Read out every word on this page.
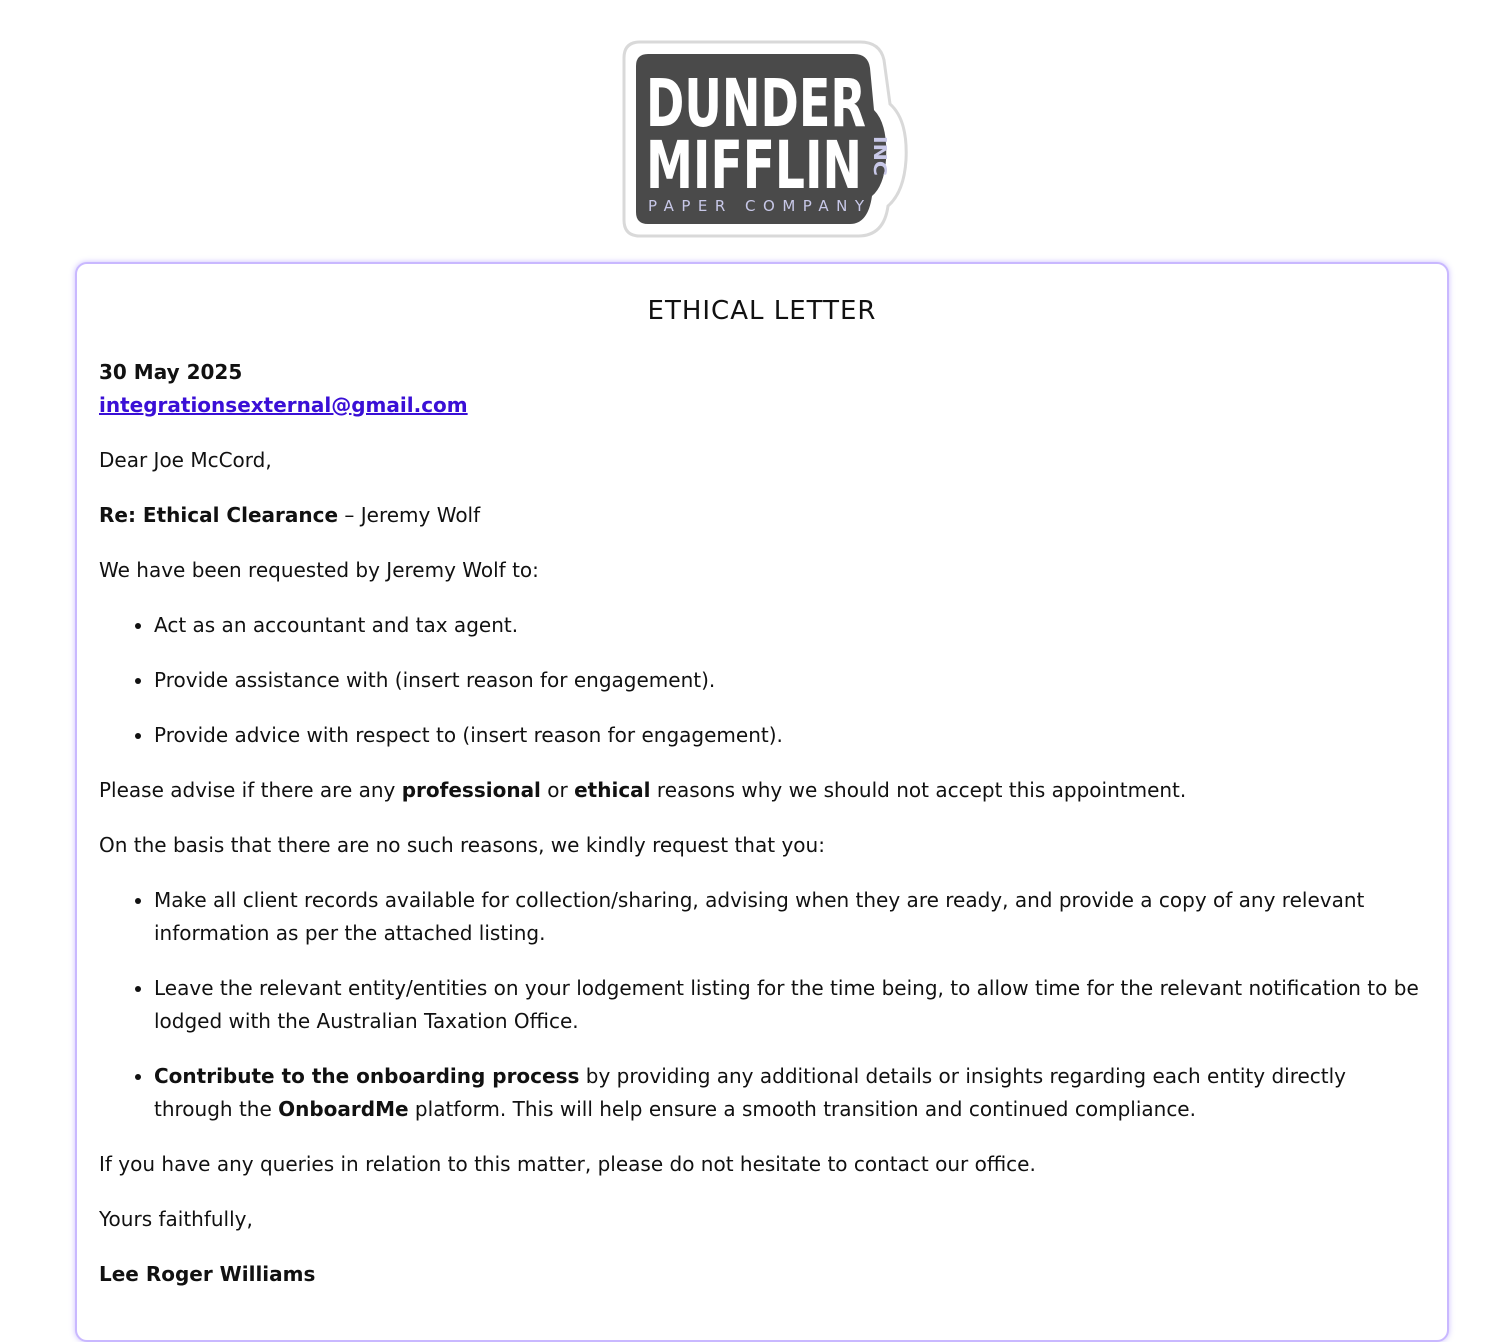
DUNDER
MIFFLIN INC
PAPER COMPANY
ETHICAL LETTER
30 May 2025
integrationsexternal@gmail.com
Dear Joe McCord,
Re: Ethical Clearance – Jeremy Wolf
We have been requested by Jeremy Wolf to:
• Act as an accountant and tax agent.
• Provide assistance with (insert reason for engagement).
• Provide advice with respect to (insert reason for engagement).
Please advise if there are any professional or ethical reasons why we should not accept this appointment.
On the basis that there are no such reasons, we kindly request that you:
• Make all client records available for collection/sharing, advising when they are ready, and provide a copy of any relevant information as per the attached listing.
• Leave the relevant entity/entities on your lodgement listing for the time being, to allow time for the relevant notification to be lodged with the Australian Taxation Office.
• Contribute to the onboarding process by providing any additional details or insights regarding each entity directly through the OnboardMe platform. This will help ensure a smooth transition and continued compliance.
If you have any queries in relation to this matter, please do not hesitate to contact our office.
Yours faithfully,
Lee Roger Williams
